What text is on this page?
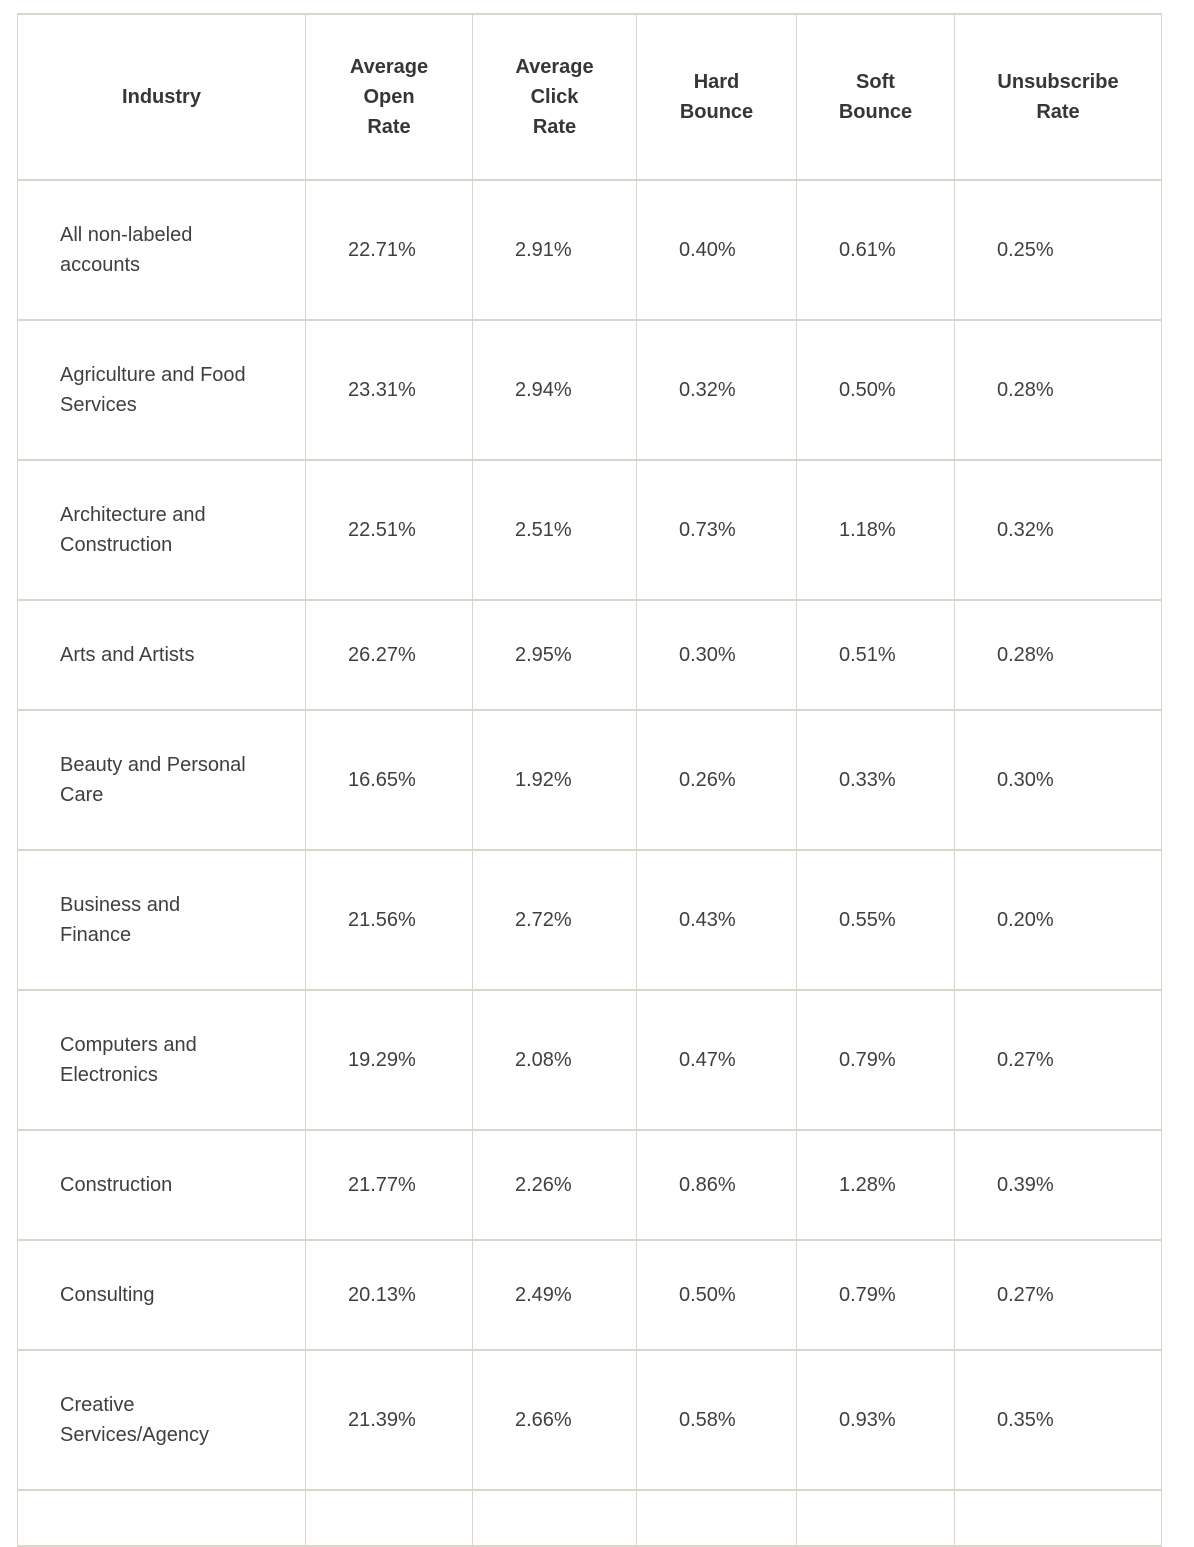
Industry	Average Open Rate	Average Click Rate	Hard Bounce	Soft Bounce	Unsubscribe Rate
All non-labeled accounts	22.71%	2.91%	0.40%	0.61%	0.25%
Agriculture and Food Services	23.31%	2.94%	0.32%	0.50%	0.28%
Architecture and Construction	22.51%	2.51%	0.73%	1.18%	0.32%
Arts and Artists	26.27%	2.95%	0.30%	0.51%	0.28%
Beauty and Personal Care	16.65%	1.92%	0.26%	0.33%	0.30%
Business and Finance	21.56%	2.72%	0.43%	0.55%	0.20%
Computers and Electronics	19.29%	2.08%	0.47%	0.79%	0.27%
Construction	21.77%	2.26%	0.86%	1.28%	0.39%
Consulting	20.13%	2.49%	0.50%	0.79%	0.27%
Creative Services/Agency	21.39%	2.66%	0.58%	0.93%	0.35%
